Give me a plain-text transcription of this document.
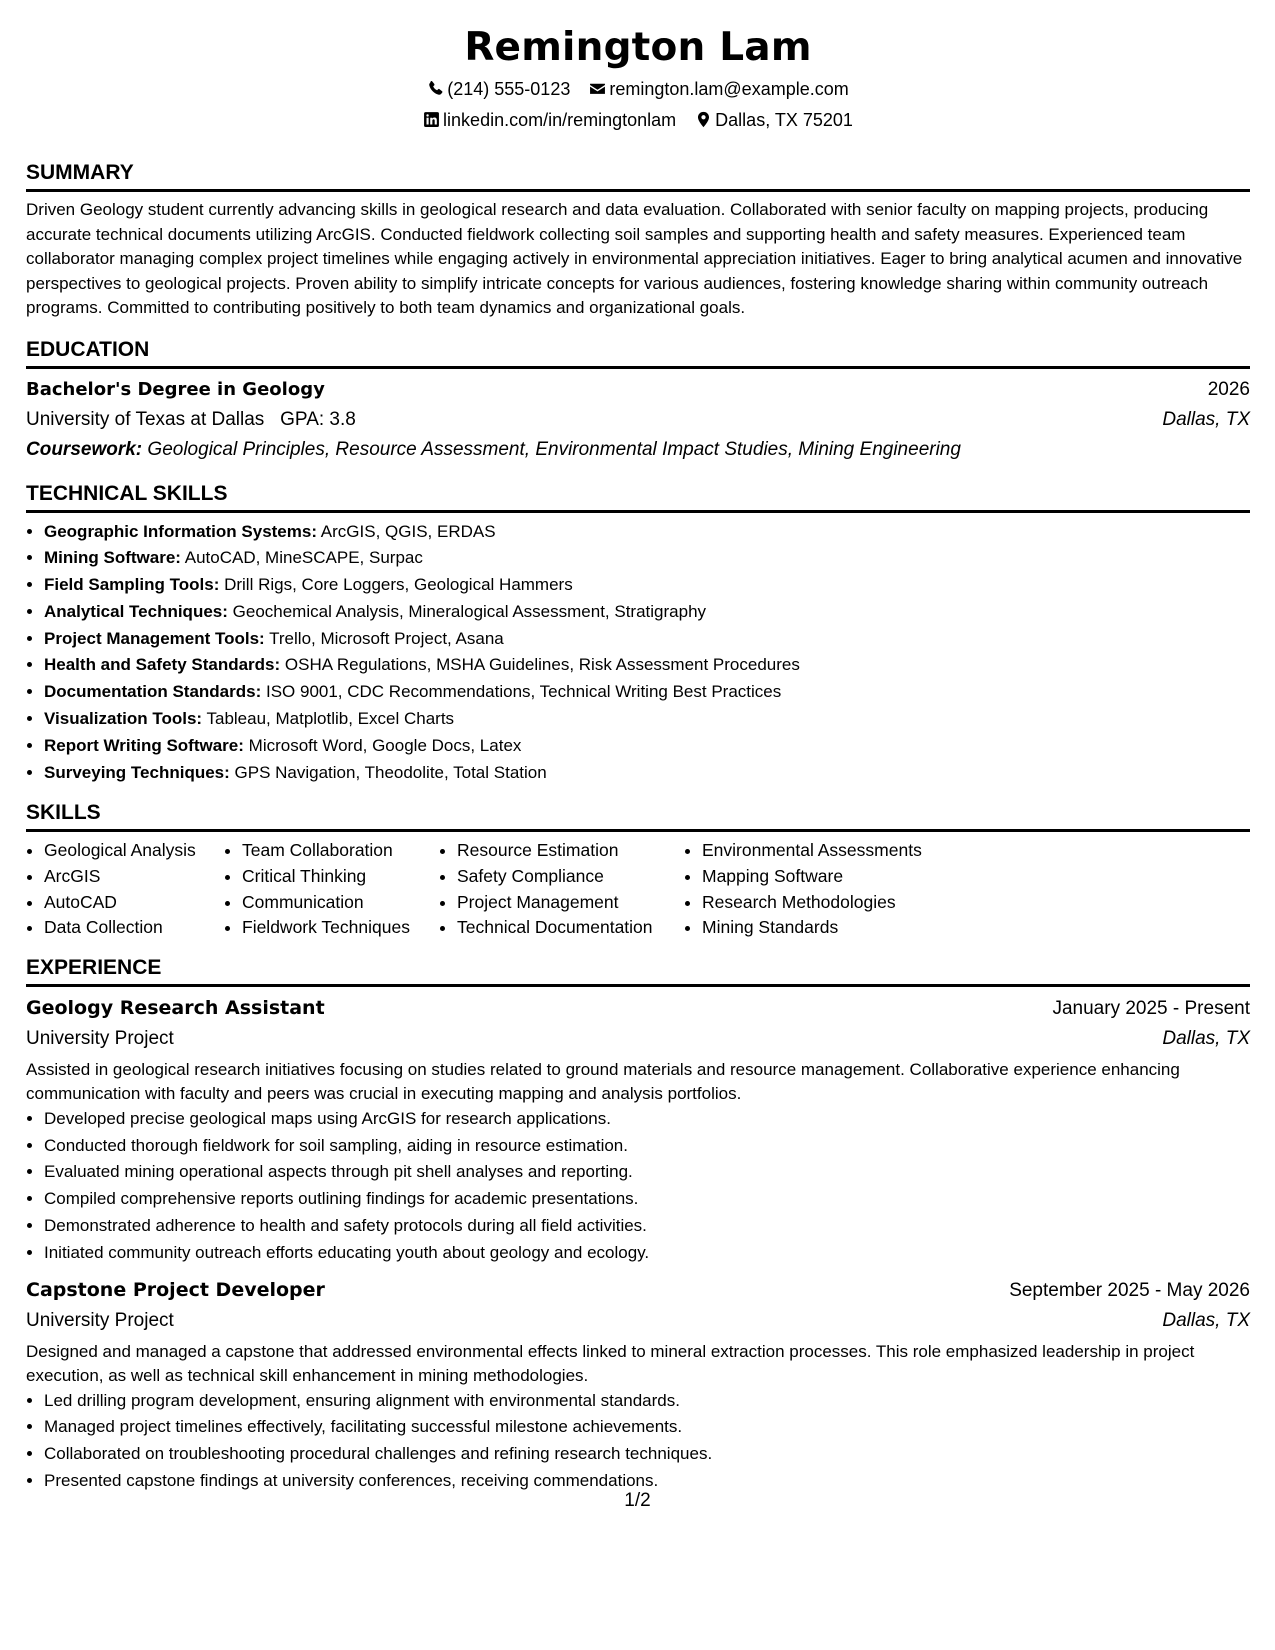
Remington Lam
(214) 555-0123 remington.lam@example.com
linkedin.com/in/remingtonlam Dallas, TX 75201
SUMMARY

Driven Geology student currently advancing skills in geological research and data evaluation. Collaborated with senior faculty on mapping projects, producing accurate technical documents utilizing ArcGIS. Conducted fieldwork collecting soil samples and supporting health and safety measures. Experienced team collaborator managing complex project timelines while engaging actively in environmental appreciation initiatives. Eager to bring analytical acumen and innovative perspectives to geological projects. Proven ability to simplify intricate concepts for various audiences, fostering knowledge sharing within community outreach programs. Committed to contributing positively to both team dynamics and organizational goals.

EDUCATION
Bachelor's Degree in Geology	2026
University of Texas at Dallas GPA: 3.8	Dallas, TX
Coursework: Geological Principles, Resource Assessment, Environmental Impact Studies, Mining Engineering
TECHNICAL SKILLS
• Geographic Information Systems: ArcGIS, QGIS, ERDAS
• Mining Software: AutoCAD, MineSCAPE, Surpac
• Field Sampling Tools: Drill Rigs, Core Loggers, Geological Hammers
• Analytical Techniques: Geochemical Analysis, Mineralogical Assessment, Stratigraphy
• Project Management Tools: Trello, Microsoft Project, Asana
• Health and Safety Standards: OSHA Regulations, MSHA Guidelines, Risk Assessment Procedures
• Documentation Standards: ISO 9001, CDC Recommendations, Technical Writing Best Practices
• Visualization Tools: Tableau, Matplotlib, Excel Charts
• Report Writing Software: Microsoft Word, Google Docs, Latex
• Surveying Techniques: GPS Navigation, Theodolite, Total Station
SKILLS
• Geological Analysis
• ArcGIS
• AutoCAD
• Data Collection
• Team Collaboration
• Critical Thinking
• Communication
• Fieldwork Techniques
• Resource Estimation
• Safety Compliance
• Project Management
• Technical Documentation
• Environmental Assessments
• Mapping Software
• Research Methodologies
• Mining Standards
EXPERIENCE
Geology Research Assistant	January 2025 - Present
University Project	Dallas, TX

Assisted in geological research initiatives focusing on studies related to ground materials and resource management. Collaborative experience enhancing communication with faculty and peers was crucial in executing mapping and analysis portfolios.

• Developed precise geological maps using ArcGIS for research applications.
• Conducted thorough fieldwork for soil sampling, aiding in resource estimation.
• Evaluated mining operational aspects through pit shell analyses and reporting.
• Compiled comprehensive reports outlining findings for academic presentations.
• Demonstrated adherence to health and safety protocols during all field activities.
• Initiated community outreach efforts educating youth about geology and ecology.
Capstone Project Developer	September 2025 - May 2026
University Project	Dallas, TX

Designed and managed a capstone that addressed environmental effects linked to mineral extraction processes. This role emphasized leadership in project execution, as well as technical skill enhancement in mining methodologies.

• Led drilling program development, ensuring alignment with environmental standards.
• Managed project timelines effectively, facilitating successful milestone achievements.
• Collaborated on troubleshooting procedural challenges and refining research techniques.
• Presented capstone findings at university conferences, receiving commendations.
1/2
